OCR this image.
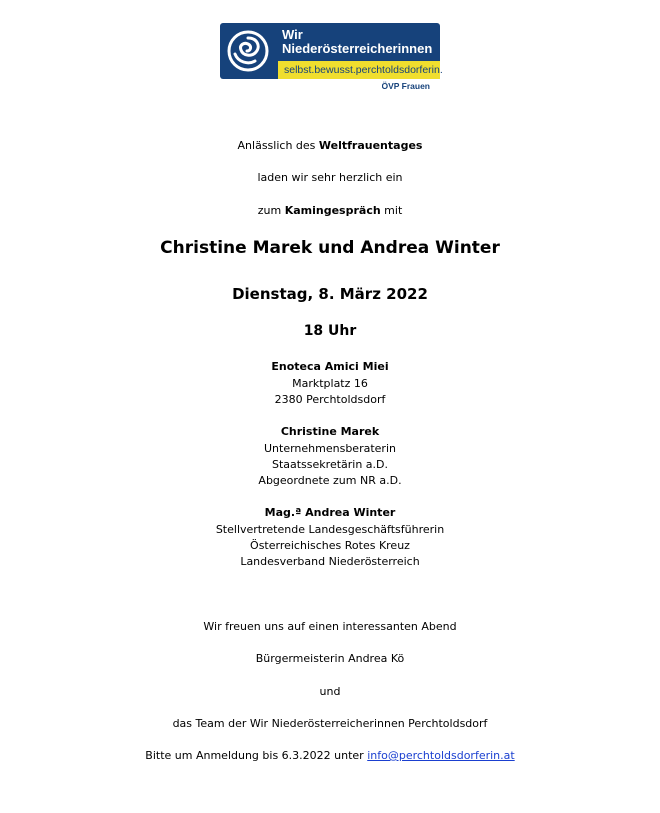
Wir
Niederösterreicherinnen
selbst.bewusst.perchtoldsdorferin.
ÖVP Frauen
Anlässlich des Weltfrauentages
laden wir sehr herzlich ein
zum Kamingespräch mit
Christine Marek und Andrea Winter
Dienstag, 8. März 2022
18 Uhr
Enoteca Amici Miei
Marktplatz 16
2380 Perchtoldsdorf
Christine Marek
Unternehmensberaterin
Staatssekretärin a.D.
Abgeordnete zum NR a.D.
Mag.ª Andrea Winter
Stellvertretende Landesgeschäftsführerin
Österreichisches Rotes Kreuz
Landesverband Niederösterreich
Wir freuen uns auf einen interessanten Abend
Bürgermeisterin Andrea Kö
und
das Team der Wir Niederösterreicherinnen Perchtoldsdorf
Bitte um Anmeldung bis 6.3.2022 unter info@perchtoldsdorferin.at
